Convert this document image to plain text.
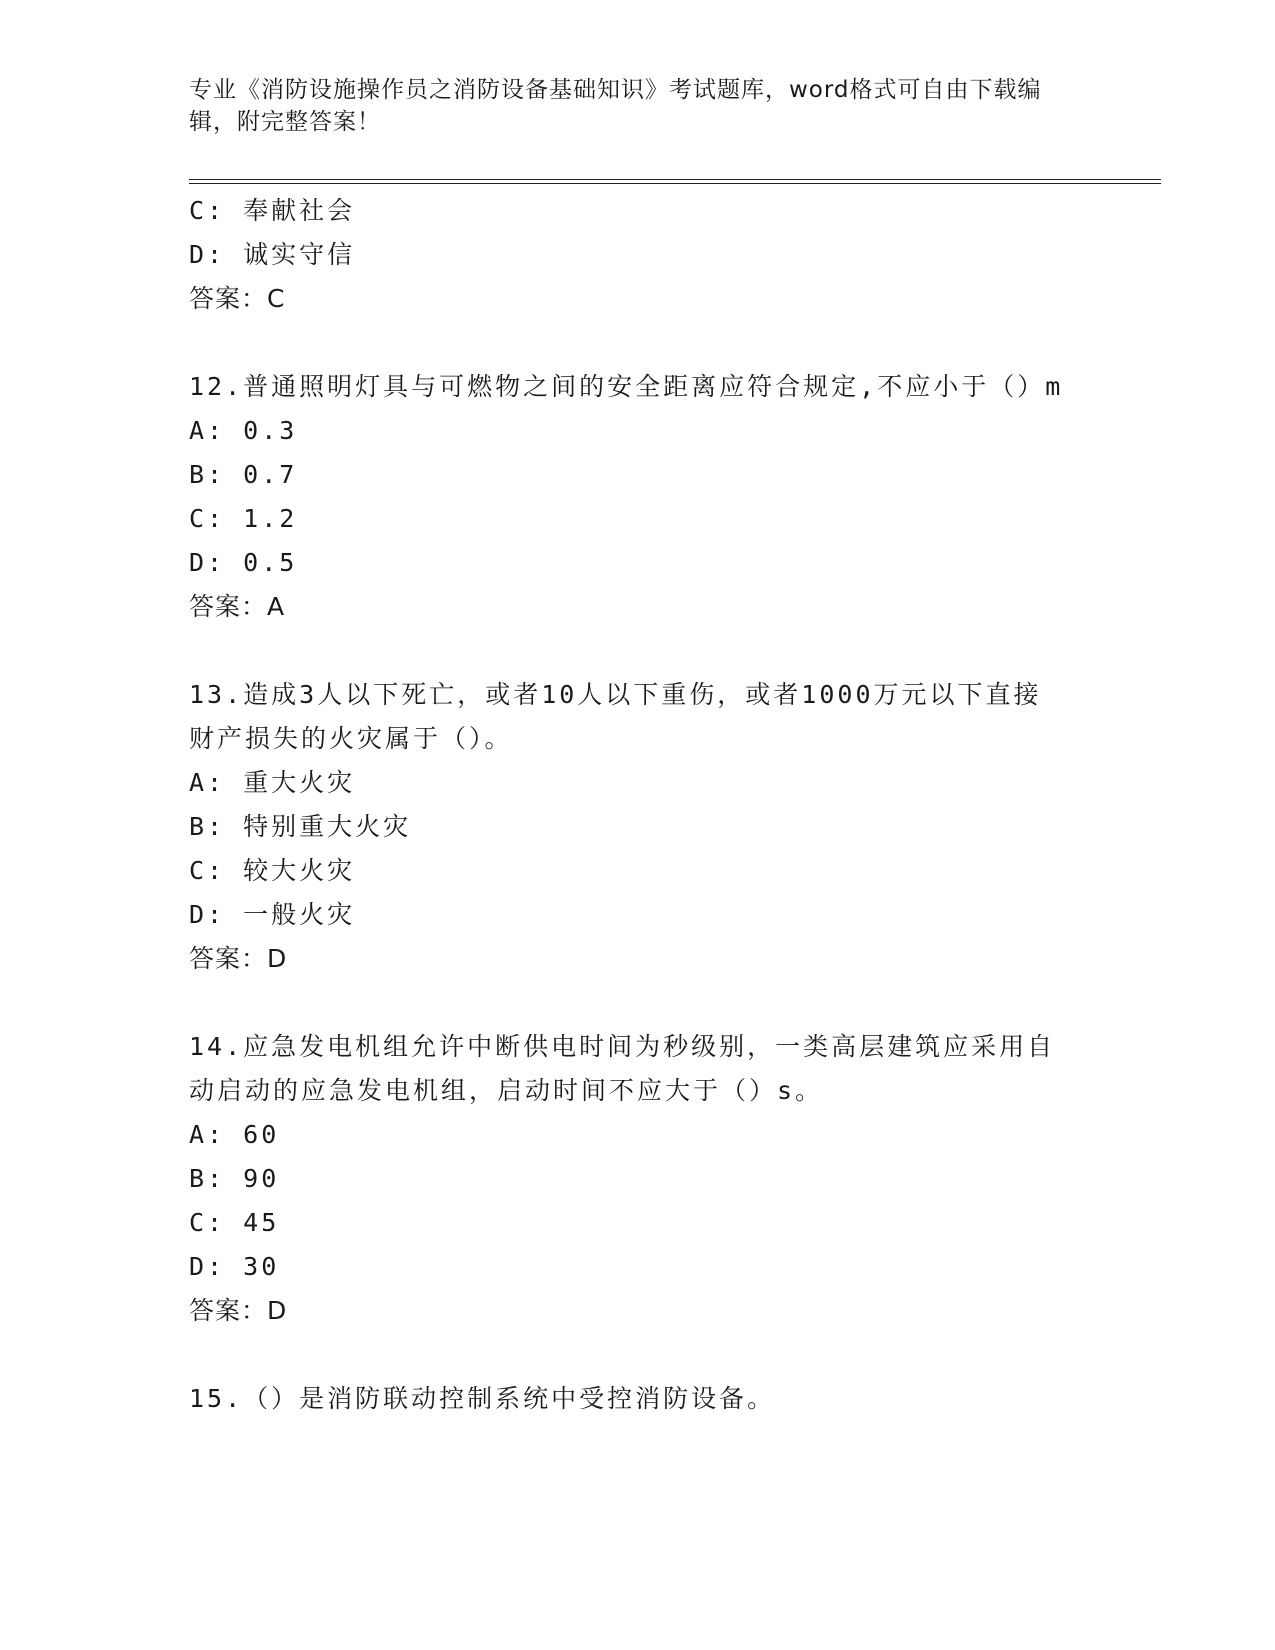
专业《消防设施操作员之消防设备基础知识》考试题库，word格式可自由下载编
辑，附完整答案！
C: 奉献社会
D: 诚实守信
答案：C
12.普通照明灯具与可燃物之间的安全距离应符合规定,不应小于（）m
A: 0.3
B: 0.7
C: 1.2
D: 0.5
答案：A
13.造成3人以下死亡，或者10人以下重伤，或者1000万元以下直接
财产损失的火灾属于（）。
A: 重大火灾
B: 特别重大火灾
C: 较大火灾
D: 一般火灾
答案：D
14.应急发电机组允许中断供电时间为秒级别，一类高层建筑应采用自
动启动的应急发电机组，启动时间不应大于（）s。
A: 60
B: 90
C: 45
D: 30
答案：D
15.（）是消防联动控制系统中受控消防设备。
